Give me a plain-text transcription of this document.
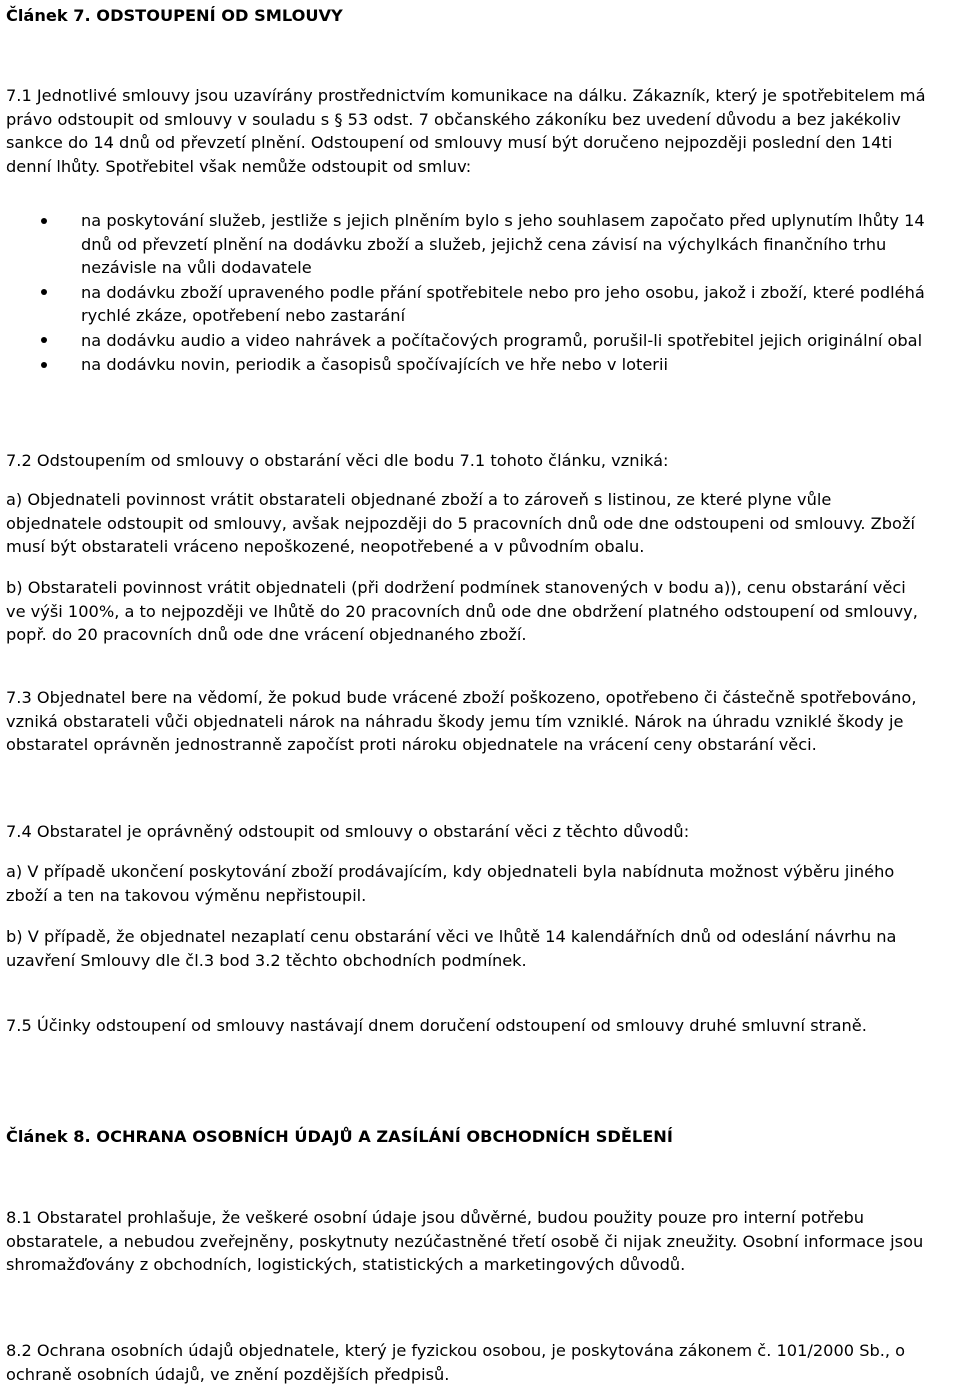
Článek 7. ODSTOUPENÍ OD SMLOUVY

7.1 Jednotlivé smlouvy jsou uzavírány prostřednictvím komunikace na dálku. Zákazník, který je spotřebitelem má právo odstoupit od smlouvy v souladu s § 53 odst. 7 občanského zákoníku bez uvedení důvodu a bez jakékoliv sankce do 14 dnů od převzetí plnění. Odstoupení od smlouvy musí být doručeno nejpozději poslední den 14ti denní lhůty. Spotřebitel však nemůže odstoupit od smluv:

na poskytování služeb, jestliže s jejich plněním bylo s jeho souhlasem započato před uplynutím lhůty 14 dnů od převzetí plnění na dodávku zboží a služeb, jejichž cena závisí na výchylkách finančního trhu nezávisle na vůli dodavatele
na dodávku zboží upraveného podle přání spotřebitele nebo pro jeho osobu, jakož i zboží, které podléhá rychlé zkáze, opotřebení nebo zastarání
na dodávku audio a video nahrávek a počítačových programů, porušil-li spotřebitel jejich originální obal
na dodávku novin, periodik a časopisů spočívajících ve hře nebo v loterii

7.2 Odstoupením od smlouvy o obstarání věci dle bodu 7.1 tohoto článku, vzniká:

a) Objednateli povinnost vrátit obstarateli objednané zboží a to zároveň s listinou, ze které plyne vůle objednatele odstoupit od smlouvy, avšak nejpozději do 5 pracovních dnů ode dne odstoupeni od smlouvy. Zboží musí být obstarateli vráceno nepoškozené, neopotřebené a v původním obalu.

b) Obstarateli povinnost vrátit objednateli (při dodržení podmínek stanovených v bodu a)), cenu obstarání věci ve výši 100%, a to nejpozději ve lhůtě do 20 pracovních dnů ode dne obdržení platného odstoupení od smlouvy, popř. do 20 pracovních dnů ode dne vrácení objednaného zboží.

7.3 Objednatel bere na vědomí, že pokud bude vrácené zboží poškozeno, opotřebeno či částečně spotřebováno, vzniká obstarateli vůči objednateli nárok na náhradu škody jemu tím vzniklé. Nárok na úhradu vzniklé škody je obstaratel oprávněn jednostranně započíst proti nároku objednatele na vrácení ceny obstarání věci.

7.4 Obstaratel je oprávněný odstoupit od smlouvy o obstarání věci z těchto důvodů:

a) V případě ukončení poskytování zboží prodávajícím, kdy objednateli byla nabídnuta možnost výběru jiného zboží a ten na takovou výměnu nepřistoupil.

b) V případě, že objednatel nezaplatí cenu obstarání věci ve lhůtě 14 kalendářních dnů od odeslání návrhu na uzavření Smlouvy dle čl.3 bod 3.2 těchto obchodních podmínek.

7.5 Účinky odstoupení od smlouvy nastávají dnem doručení odstoupení od smlouvy druhé smluvní straně.

Článek 8. OCHRANA OSOBNÍCH ÚDAJŮ A ZASÍLÁNÍ OBCHODNÍCH SDĚLENÍ

8.1 Obstaratel prohlašuje, že veškeré osobní údaje jsou důvěrné, budou použity pouze pro interní potřebu obstaratele, a nebudou zveřejněny, poskytnuty nezúčastněné třetí osobě či nijak zneužity. Osobní informace jsou shromažďovány z obchodních, logistických, statistických a marketingových důvodů.

8.2 Ochrana osobních údajů objednatele, který je fyzickou osobou, je poskytována zákonem č. 101/2000 Sb., o ochraně osobních údajů, ve znění pozdějších předpisů.
